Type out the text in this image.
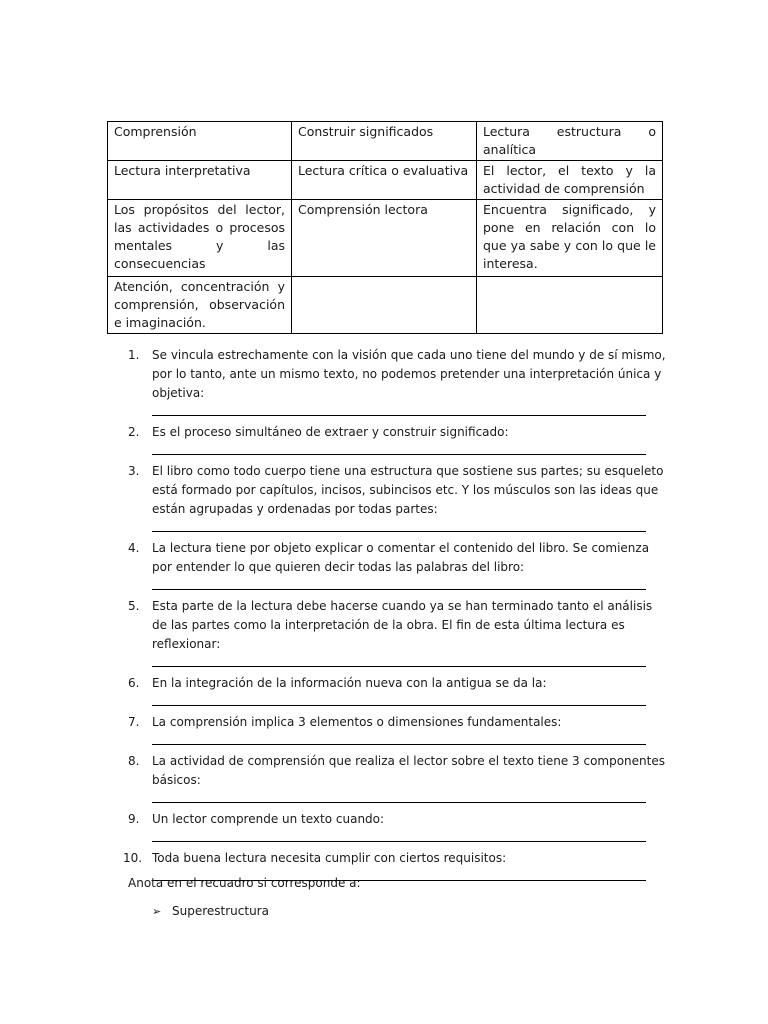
Comprensión	Construir significados	Lectura estructura o analítica
Lectura interpretativa	Lectura crítica o evaluativa	El lector, el texto y la actividad de comprensión
Los propósitos del lector, las actividades o procesos mentales y las consecuencias	Comprensión lectora	Encuentra significado, y pone en relación con lo que ya sabe y con lo que le interesa.
Atención, concentración y comprensión, observación e imaginación.		
1.	Se vincula estrechamente con la visión que cada uno tiene del mundo y de sí mismo, por lo tanto, ante un mismo texto, no podemos pretender una interpretación única y objetiva:
2.	Es el proceso simultáneo de extraer y construir significado:
3.	El libro como todo cuerpo tiene una estructura que sostiene sus partes; su esqueleto está formado por capítulos, incisos, subincisos etc. Y los músculos son las ideas que están agrupadas y ordenadas por todas partes:
4.	La lectura tiene por objeto explicar o comentar el contenido del libro. Se comienza por entender lo que quieren decir todas las palabras del libro:
5.	Esta parte de la lectura debe hacerse cuando ya se han terminado tanto el análisis de las partes como la interpretación de la obra. El fin de esta última lectura es reflexionar:
6.	En la integración de la información nueva con la antigua se da la:
7.	La comprensión implica 3 elementos o dimensiones fundamentales:
8.	La actividad de comprensión que realiza el lector sobre el texto tiene 3 componentes básicos:
9.	Un lector comprende un texto cuando:
10. Toda buena lectura necesita cumplir con ciertos requisitos:
Anota en el recuadro si corresponde a:
➢ Superestructura
